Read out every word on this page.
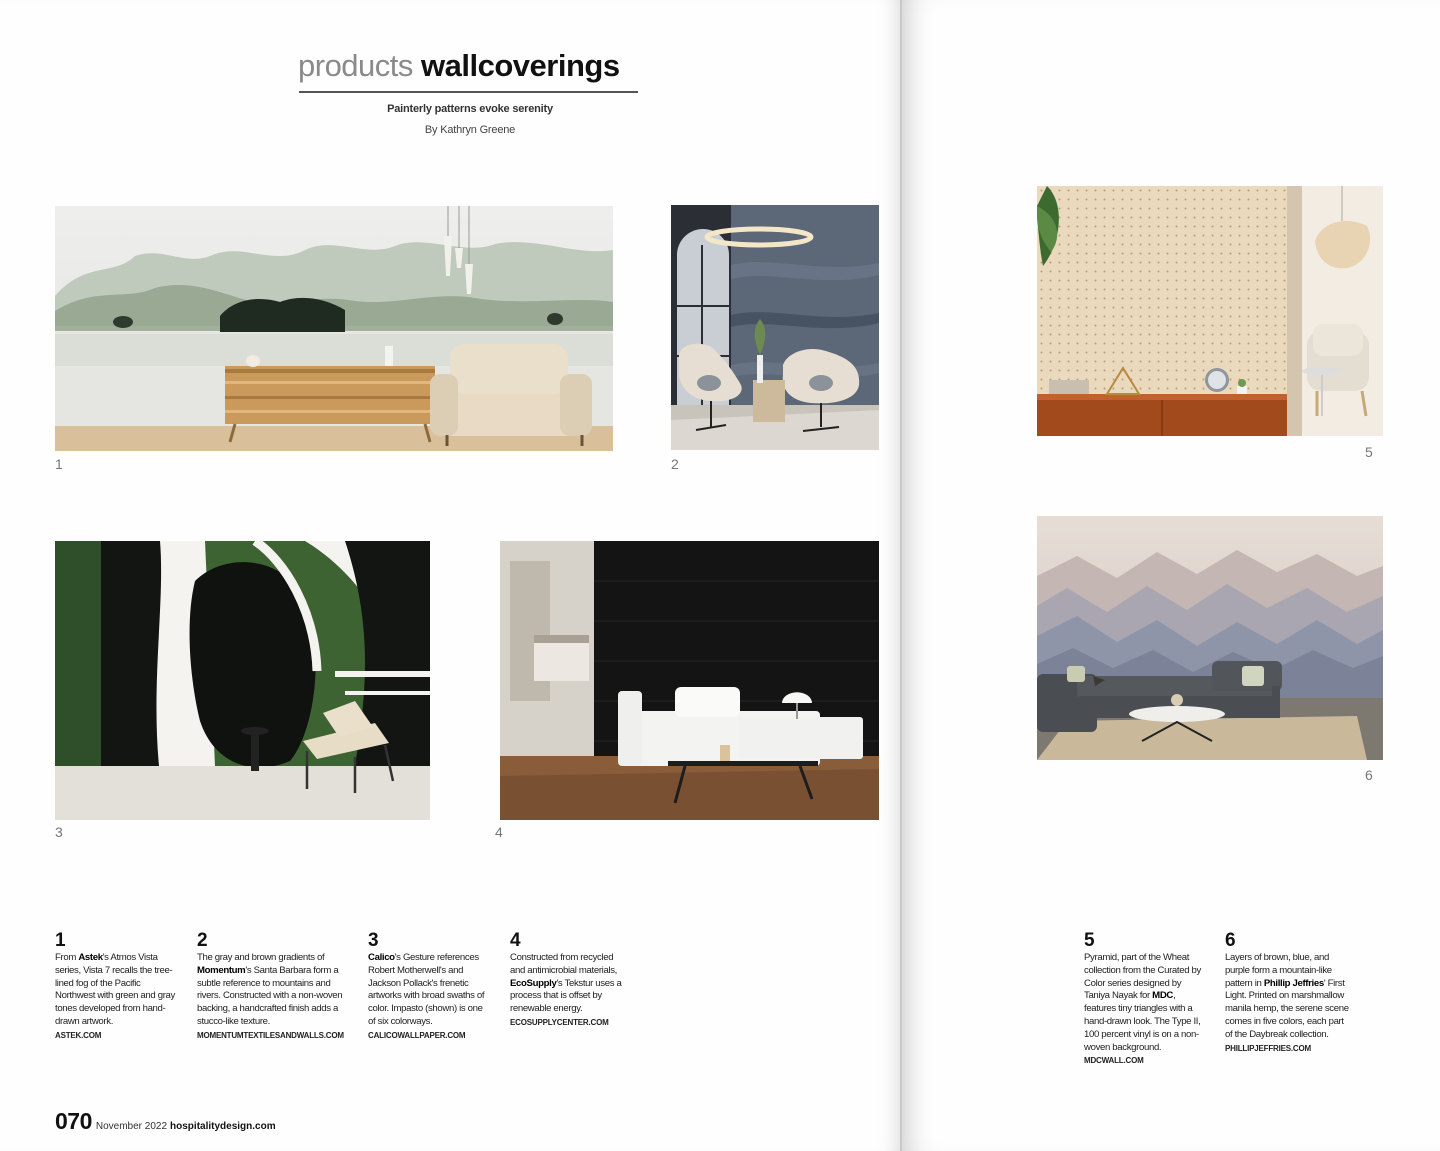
products wallcoverings
Painterly patterns evoke serenity
By Kathryn Greene
1	2
3	4
5
6
1
From Astek's Atmos Vista series, Vista 7 recalls the tree-lined fog of the Pacific Northwest with green and gray tones developed from hand-drawn artwork.
ASTEK.COM
2
The gray and brown gradients of Momentum's Santa Barbara form a subtle reference to mountains and rivers. Constructed with a non-woven backing, a handcrafted finish adds a stucco-like texture.
MOMENTUMTEXTILESANDWALLS.COM
3
Calico's Gesture references Robert Motherwell's and Jackson Pollack's frenetic artworks with broad swaths of color. Impasto (shown) is one of six colorways.
CALICOWALLPAPER.COM
4
Constructed from recycled and antimicrobial materials, EcoSupply's Tekstur uses a process that is offset by renewable energy.
ECOSUPPLYCENTER.COM
5
Pyramid, part of the Wheat collection from the Curated by Color series designed by Taniya Nayak for MDC, features tiny triangles with a hand-drawn look. The Type II, 100 percent vinyl is on a non-woven background.
MDCWALL.COM
6
Layers of brown, blue, and purple form a mountain-like pattern in Phillip Jeffries' First Light. Printed on marshmallow manila hemp, the serene scene comes in five colors, each part of the Daybreak collection.
PHILLIPJEFFRIES.COM
070 November 2022 hospitalitydesign.com
